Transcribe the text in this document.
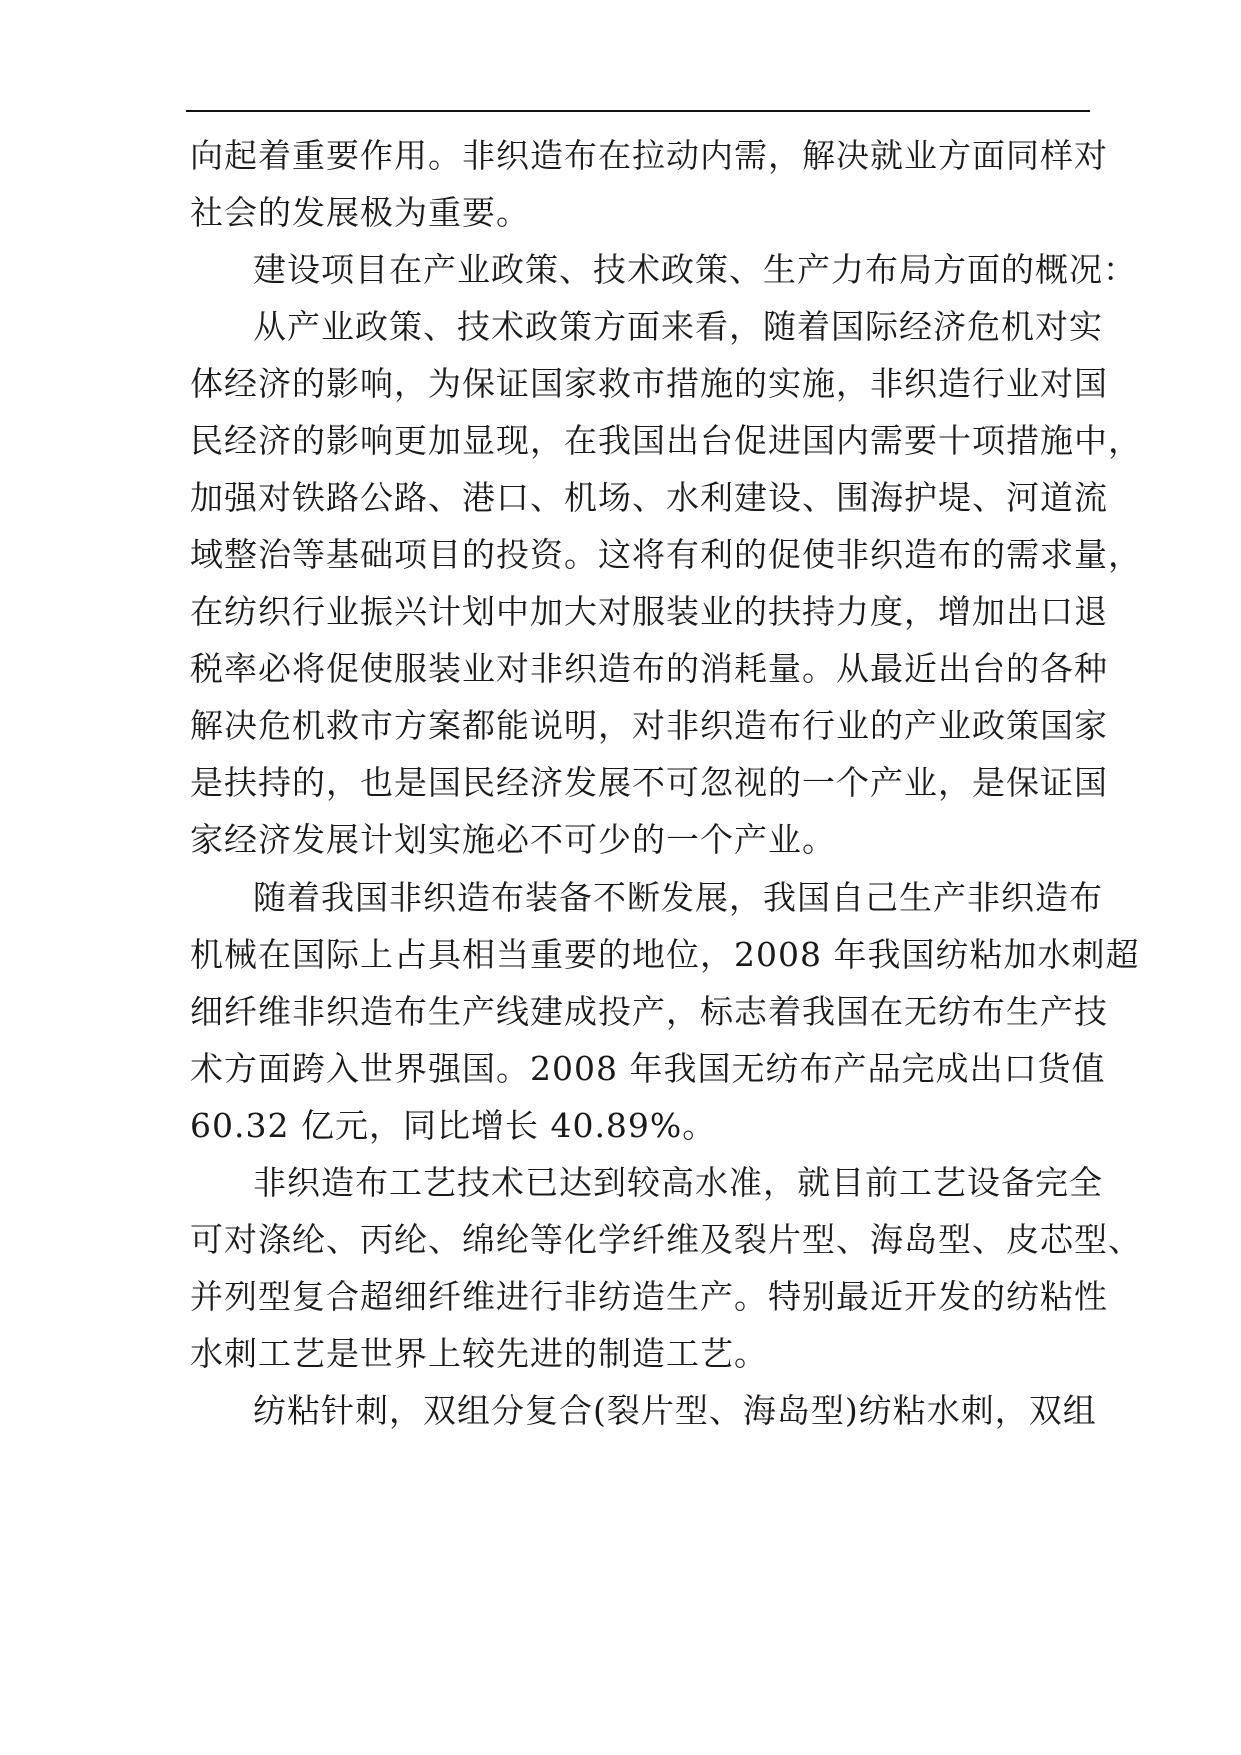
向起着重要作用。非织造布在拉动内需，解决就业方面同样对
社会的发展极为重要。
建设项目在产业政策、技术政策、生产力布局方面的概况：
从产业政策、技术政策方面来看，随着国际经济危机对实
体经济的影响，为保证国家救市措施的实施，非织造行业对国
民经济的影响更加显现，在我国出台促进国内需要十项措施中，
加强对铁路公路、港口、机场、水利建设、围海护堤、河道流
域整治等基础项目的投资。这将有利的促使非织造布的需求量，
在纺织行业振兴计划中加大对服装业的扶持力度，增加出口退
税率必将促使服装业对非织造布的消耗量。从最近出台的各种
解决危机救市方案都能说明，对非织造布行业的产业政策国家
是扶持的，也是国民经济发展不可忽视的一个产业，是保证国
家经济发展计划实施必不可少的一个产业。
随着我国非织造布装备不断发展，我国自己生产非织造布
机械在国际上占具相当重要的地位，2008 年我国纺粘加水刺超
细纤维非织造布生产线建成投产，标志着我国在无纺布生产技
术方面跨入世界强国。2008 年我国无纺布产品完成出口货值
60.32 亿元，同比增长 40.89%。
非织造布工艺技术已达到较高水准，就目前工艺设备完全
可对涤纶、丙纶、绵纶等化学纤维及裂片型、海岛型、皮芯型、
并列型复合超细纤维进行非纺造生产。特别最近开发的纺粘性
水刺工艺是世界上较先进的制造工艺。
纺粘针刺，双组分复合(裂片型、海岛型)纺粘水刺，双组
